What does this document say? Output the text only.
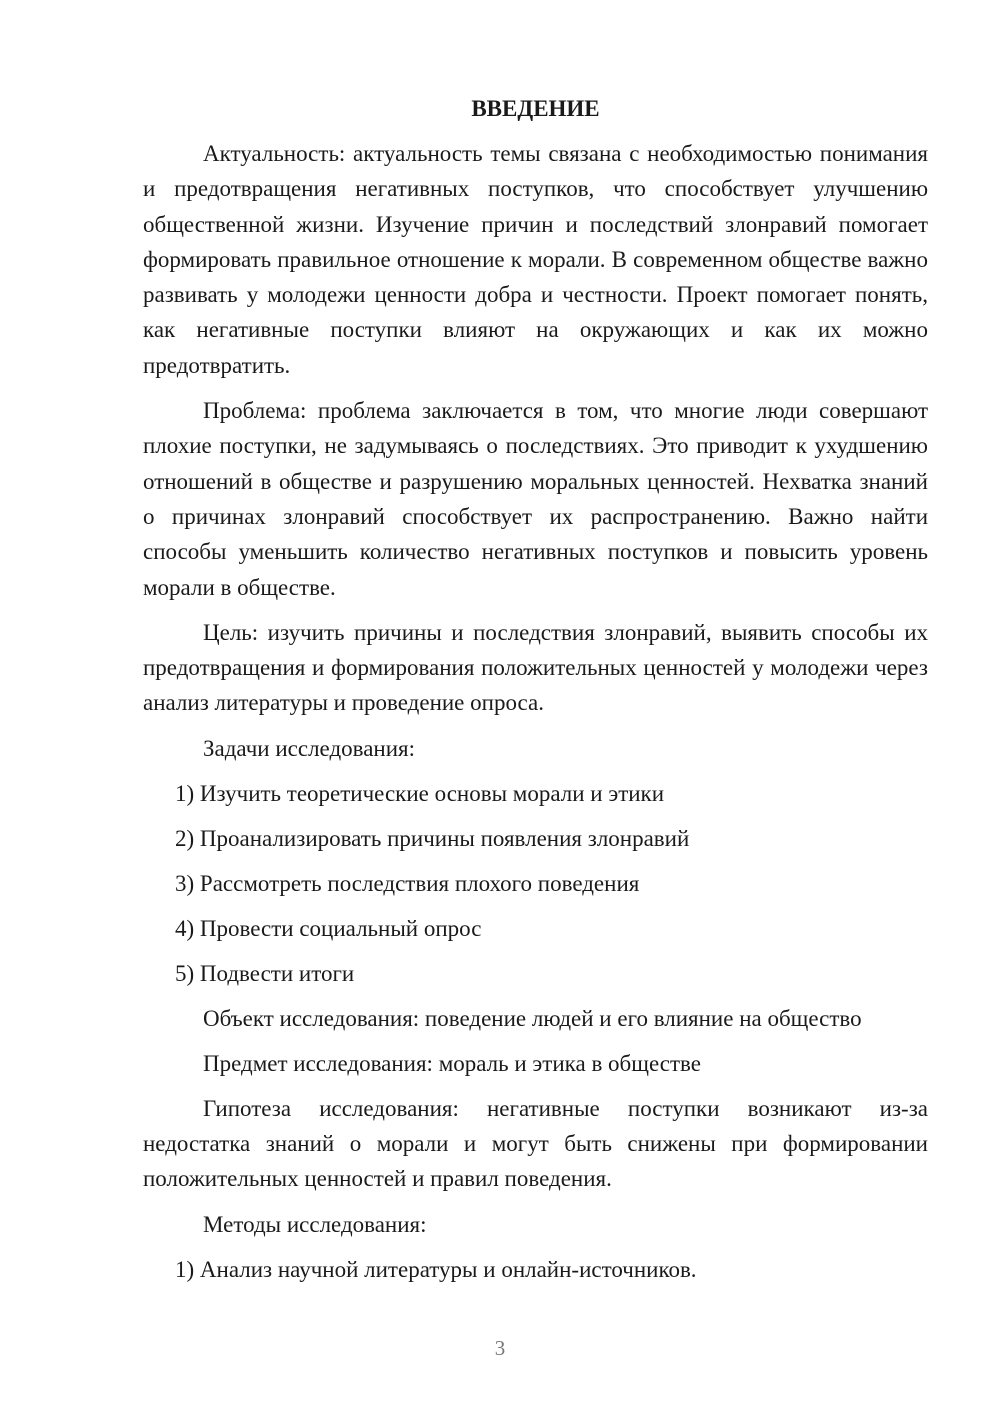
ВВЕДЕНИЕ

Актуальность: актуальность темы связана с необходимостью понимания и предотвращения негативных поступков, что способствует улучшению общественной жизни. Изучение причин и последствий злонравий помогает формировать правильное отношение к морали. В современном обществе важно развивать у молодежи ценности добра и честности. Проект помогает понять, как негативные поступки влияют на окружающих и как их можно предотвратить.

Проблема: проблема заключается в том, что многие люди совершают плохие поступки, не задумываясь о последствиях. Это приводит к ухудшению отношений в обществе и разрушению моральных ценностей. Нехватка знаний о причинах злонравий способствует их распространению. Важно найти способы уменьшить количество негативных поступков и повысить уровень морали в обществе.

Цель: изучить причины и последствия злонравий, выявить способы их предотвращения и формирования положительных ценностей у молодежи через анализ литературы и проведение опроса.

Задачи исследования:

1) Изучить теоретические основы морали и этики

2) Проанализировать причины появления злонравий

3) Рассмотреть последствия плохого поведения

4) Провести социальный опрос

5) Подвести итоги

Объект исследования: поведение людей и его влияние на общество

Предмет исследования: мораль и этика в обществе

Гипотеза исследования: негативные поступки возникают из-за недостатка знаний о морали и могут быть снижены при формировании положительных ценностей и правил поведения.

Методы исследования:

1) Анализ научной литературы и онлайн-источников.

3
